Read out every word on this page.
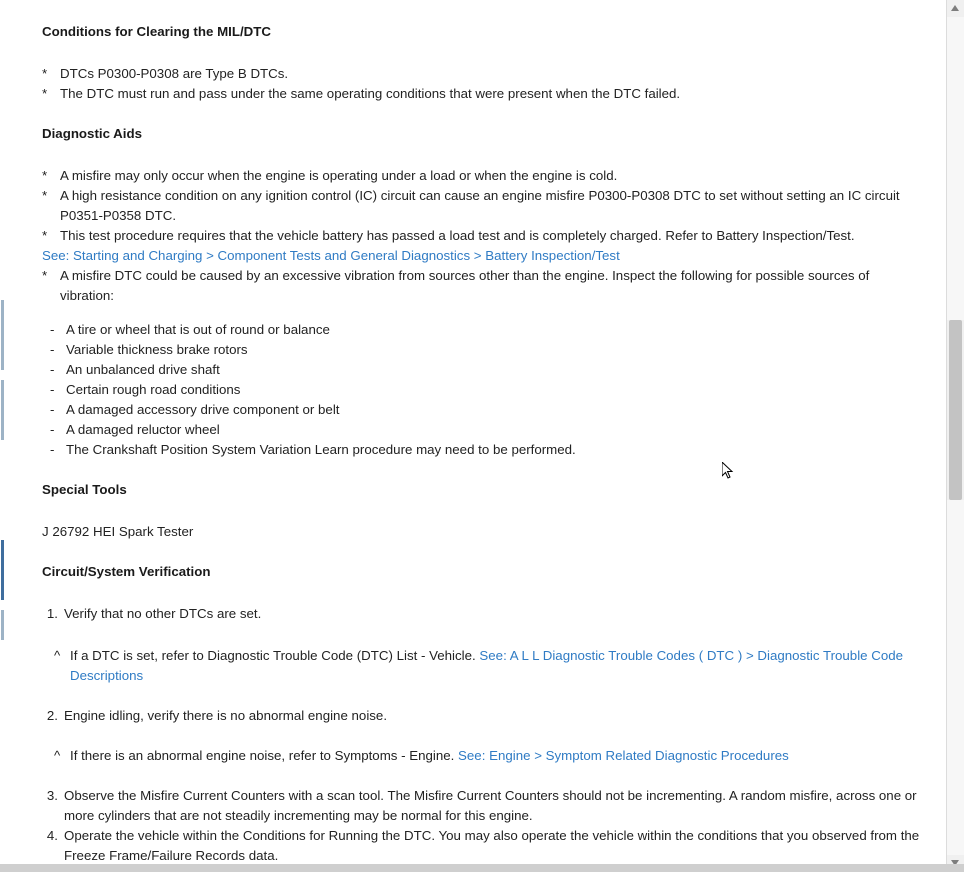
Conditions for Clearing the MIL/DTC

* DTCs P0300-P0308 are Type B DTCs.

* The DTC must run and pass under the same operating conditions that were present when the DTC failed.

Diagnostic Aids

* A misfire may only occur when the engine is operating under a load or when the engine is cold.

* A high resistance condition on any ignition control (IC) circuit can cause an engine misfire P0300-P0308 DTC to set without setting an IC circuit P0351-P0358 DTC.

* This test procedure requires that the vehicle battery has passed a load test and is completely charged. Refer to Battery Inspection/Test.

See: Starting and Charging > Component Tests and General Diagnostics > Battery Inspection/Test

* A misfire DTC could be caused by an excessive vibration from sources other than the engine. Inspect the following for possible sources of vibration:

- A tire or wheel that is out of round or balance

- Variable thickness brake rotors

- An unbalanced drive shaft

- Certain rough road conditions

- A damaged accessory drive component or belt

- A damaged reluctor wheel

- The Crankshaft Position System Variation Learn procedure may need to be performed.

Special Tools

J 26792 HEI Spark Tester

Circuit/System Verification

1. Verify that no other DTCs are set.

^ If a DTC is set, refer to Diagnostic Trouble Code (DTC) List - Vehicle. See: A L L Diagnostic Trouble Codes ( DTC ) > Diagnostic Trouble Code Descriptions

2. Engine idling, verify there is no abnormal engine noise.

^ If there is an abnormal engine noise, refer to Symptoms - Engine. See: Engine > Symptom Related Diagnostic Procedures

3. Observe the Misfire Current Counters with a scan tool. The Misfire Current Counters should not be incrementing. A random misfire, across one or more cylinders that are not steadily incrementing may be normal for this engine.

4. Operate the vehicle within the Conditions for Running the DTC. You may also operate the vehicle within the conditions that you observed from the Freeze Frame/Failure Records data.
